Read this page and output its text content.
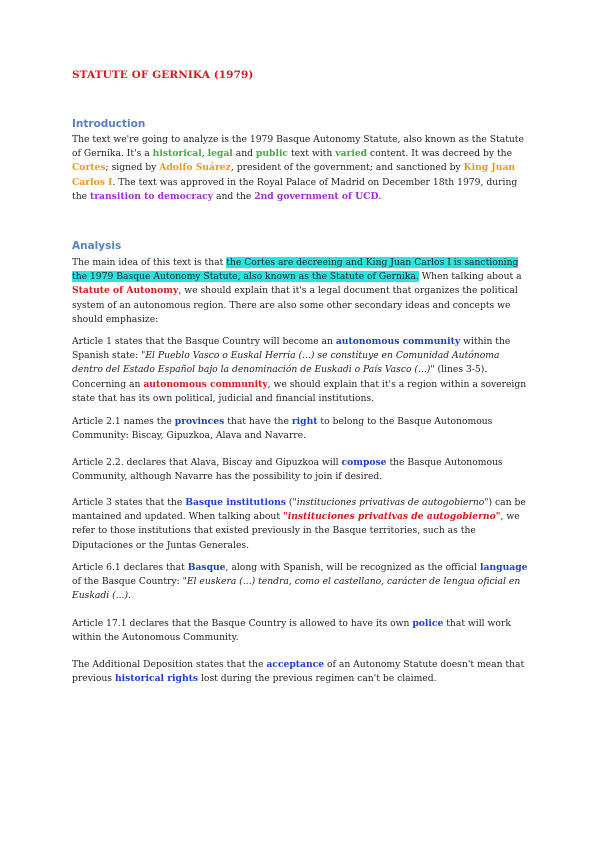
STATUTE OF GERNIKA (1979)
Introduction

The text we're going to analyze is the 1979 Basque Autonomy Statute, also known as the Statute of Gernika. It's a historical, legal and public text with varied content. It was decreed by the Cortes; signed by Adolfo Suárez, president of the government; and sanctioned by King Juan Carlos I. The text was approved in the Royal Palace of Madrid on December 18th 1979, during the transition to democracy and the 2nd government of UCD.

Analysis

The main idea of this text is that the Cortes are decreeing and King Juan Carlos I is sanctioning the 1979 Basque Autonomy Statute, also known as the Statute of Gernika. When talking about a Statute of Autonomy, we should explain that it's a legal document that organizes the political system of an autonomous region. There are also some other secondary ideas and concepts we should emphasize:

Article 1 states that the Basque Country will become an autonomous community within the Spanish state: "El Pueblo Vasco o Euskal Herria (...) se constituye en Comunidad Autónoma dentro del Estado Español bajo la denominación de Euskadi o País Vasco (...)" (lines 3-5). Concerning an autonomous community, we should explain that it's a region within a sovereign state that has its own political, judicial and financial institutions.

Article 2.1 names the provinces that have the right to belong to the Basque Autonomous Community: Biscay, Gipuzkoa, Alava and Navarre.

Article 2.2. declares that Alava, Biscay and Gipuzkoa will compose the Basque Autonomous Community, although Navarre has the possibility to join if desired.

Article 3 states that the Basque institutions ("instituciones privativas de autogobierno") can be mantained and updated. When talking about "instituciones privativas de autogobierno", we refer to those institutions that existed previously in the Basque territories, such as the Diputaciones or the Juntas Generales.

Article 6.1 declares that Basque, along with Spanish, will be recognized as the official language of the Basque Country: "El euskera (...) tendra, como el castellano, carácter de lengua oficial en Euskadi (...).

Article 17.1 declares that the Basque Country is allowed to have its own police that will work within the Autonomous Community.

The Additional Deposition states that the acceptance of an Autonomy Statute doesn't mean that previous historical rights lost during the previous regimen can't be claimed.
